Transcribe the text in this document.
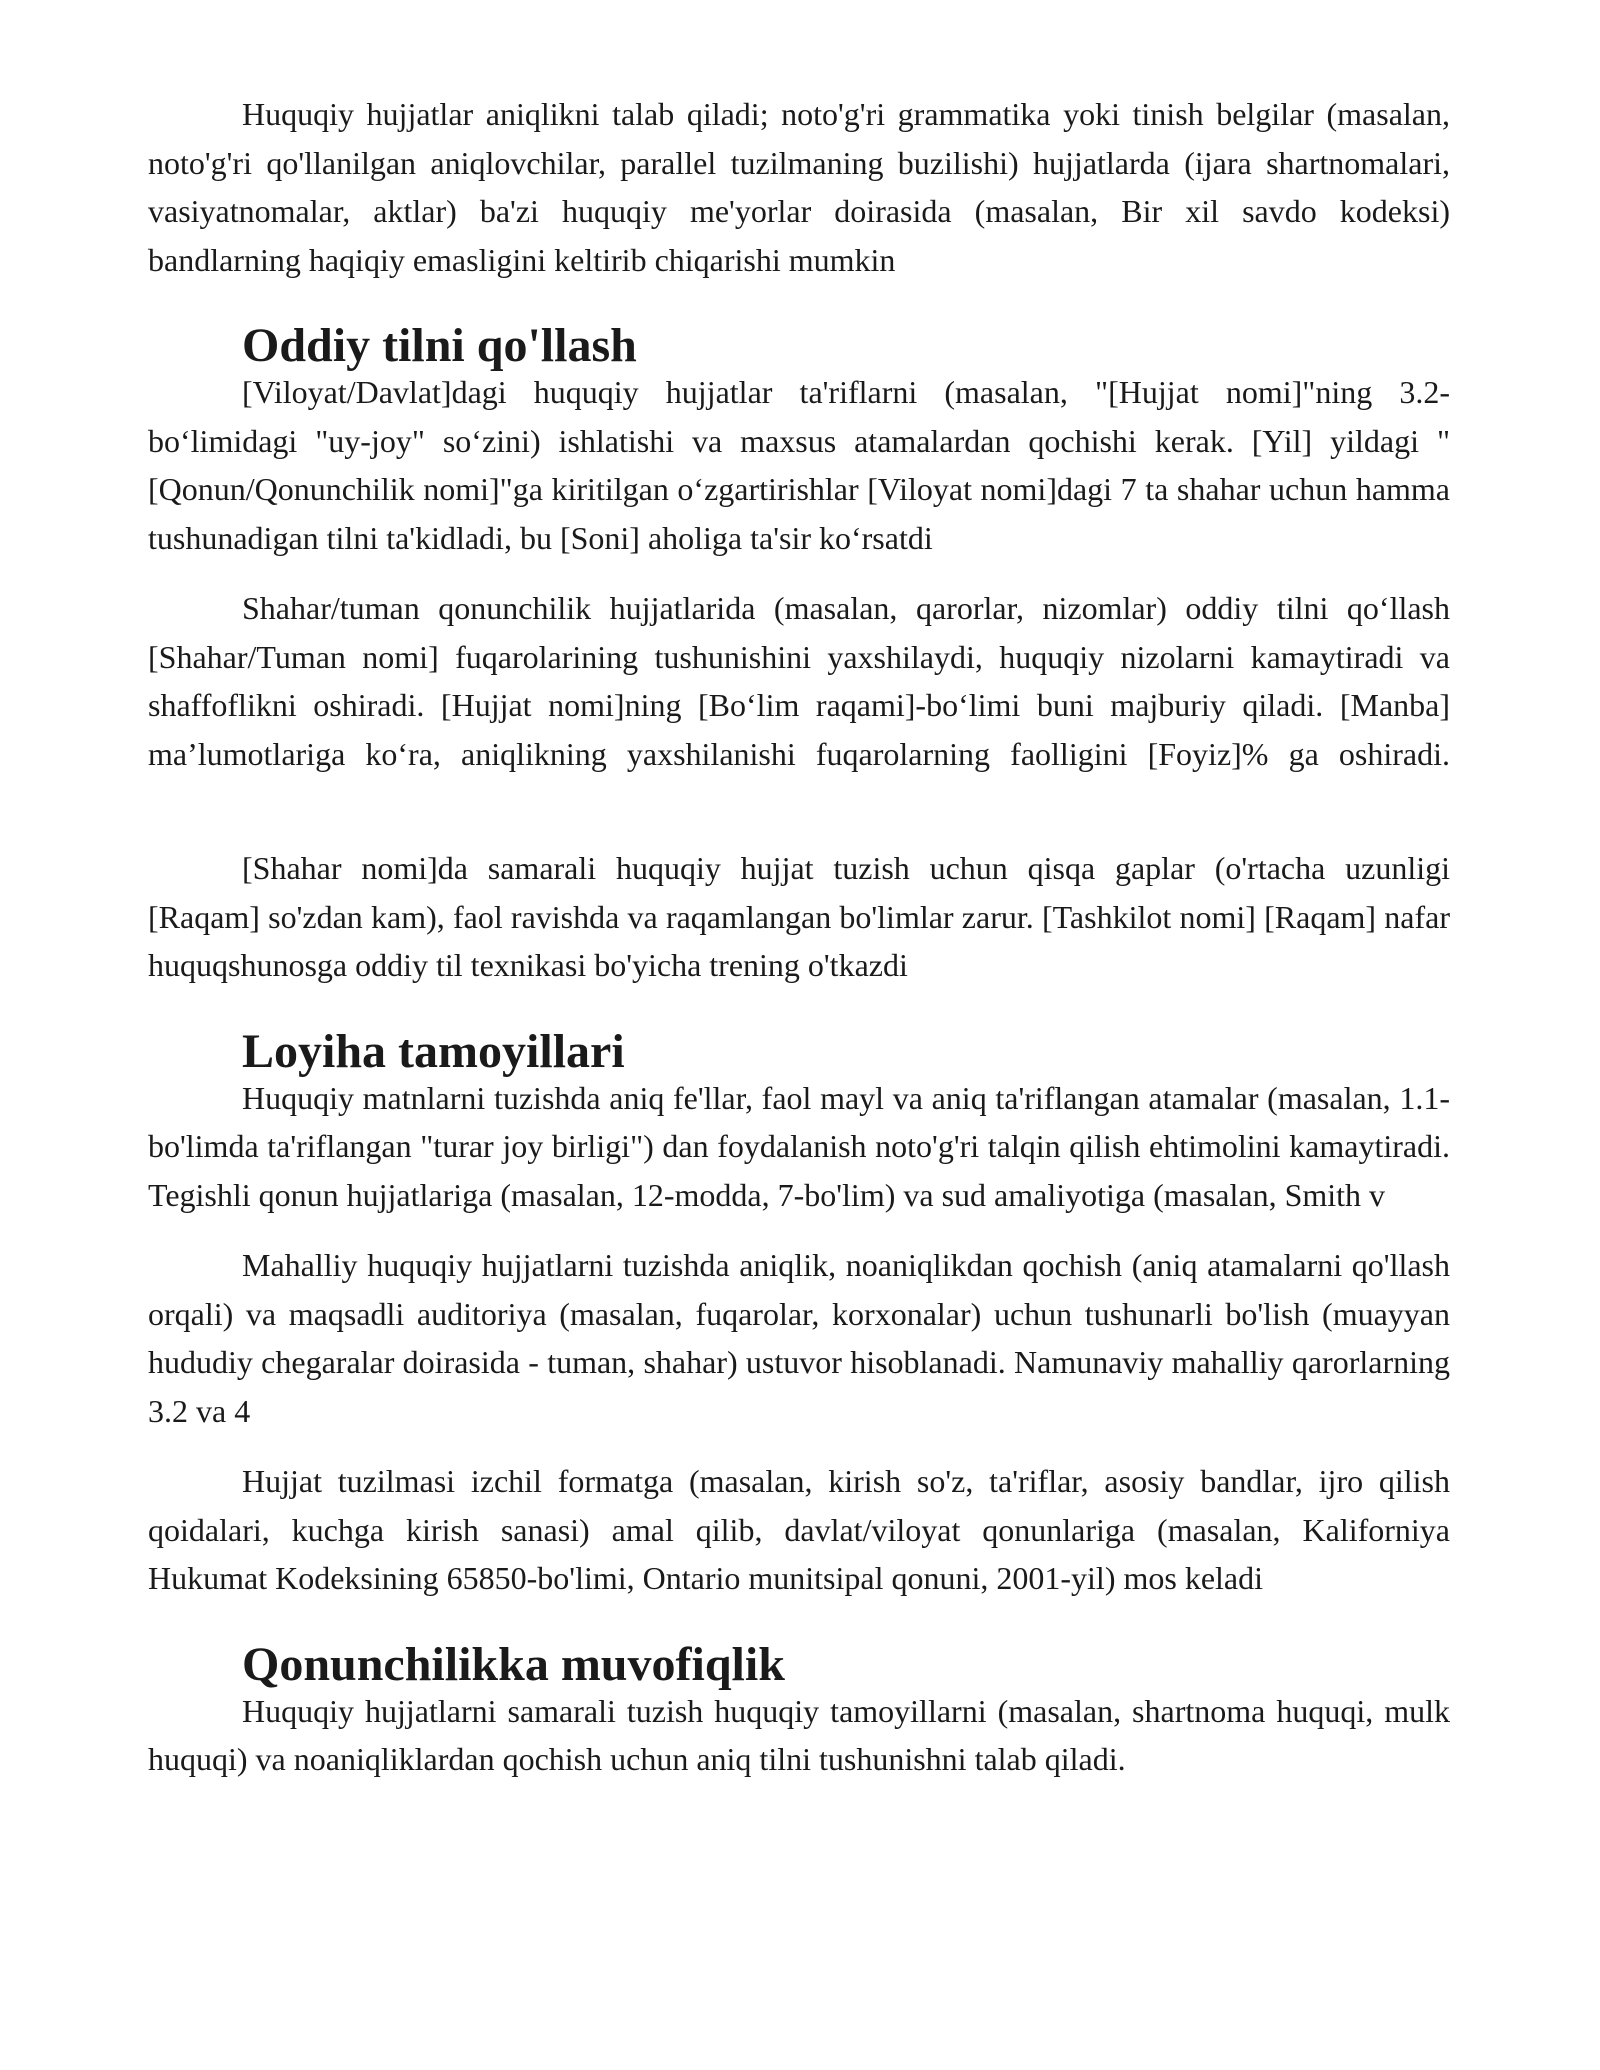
Huquqiy hujjatlar aniqlikni talab qiladi; noto'g'ri grammatika yoki tinish belgilar (masalan, noto'g'ri qo'llanilgan aniqlovchilar, parallel tuzilmaning buzilishi) hujjatlarda (ijara shartnomalari, vasiyatnomalar, aktlar) ba'zi huquqiy me'yorlar doirasida (masalan, Bir xil savdo kodeksi) bandlarning haqiqiy emasligini keltirib chiqarishi mumkin

Oddiy tilni qo'llash

[Viloyat/Davlat]dagi huquqiy hujjatlar ta'riflarni (masalan, "[Hujjat nomi]"ning 3.2-bo‘limidagi "uy-joy" so‘zini) ishlatishi va maxsus atamalardan qochishi kerak. [Yil] yildagi "[Qonun/Qonunchilik nomi]"ga kiritilgan o‘zgartirishlar [Viloyat nomi]dagi 7 ta shahar uchun hamma tushunadigan tilni ta'kidladi, bu [Soni] aholiga ta'sir ko‘rsatdi

Shahar/tuman qonunchilik hujjatlarida (masalan, qarorlar, nizomlar) oddiy tilni qo‘llash [Shahar/Tuman nomi] fuqarolarining tushunishini yaxshilaydi, huquqiy nizolarni kamaytiradi va shaffoflikni oshiradi. [Hujjat nomi]ning [Bo‘lim raqami]-bo‘limi buni majburiy qiladi. [Manba] ma’lumotlariga ko‘ra, aniqlikning yaxshilanishi fuqarolarning faolligini [Foyiz]% ga oshiradi.

[Shahar nomi]da samarali huquqiy hujjat tuzish uchun qisqa gaplar (o'rtacha uzunligi [Raqam] so'zdan kam), faol ravishda va raqamlangan bo'limlar zarur. [Tashkilot nomi] [Raqam] nafar huquqshunosga oddiy til texnikasi bo'yicha trening o'tkazdi

Loyiha tamoyillari

Huquqiy matnlarni tuzishda aniq fe'llar, faol mayl va aniq ta'riflangan atamalar (masalan, 1.1-bo'limda ta'riflangan "turar joy birligi") dan foydalanish noto'g'ri talqin qilish ehtimolini kamaytiradi. Tegishli qonun hujjatlariga (masalan, 12-modda, 7-bo'lim) va sud amaliyotiga (masalan, Smith v

Mahalliy huquqiy hujjatlarni tuzishda aniqlik, noaniqlikdan qochish (aniq atamalarni qo'llash orqali) va maqsadli auditoriya (masalan, fuqarolar, korxonalar) uchun tushunarli bo'lish (muayyan hududiy chegaralar doirasida - tuman, shahar) ustuvor hisoblanadi. Namunaviy mahalliy qarorlarning 3.2 va 4

Hujjat tuzilmasi izchil formatga (masalan, kirish so'z, ta'riflar, asosiy bandlar, ijro qilish qoidalari, kuchga kirish sanasi) amal qilib, davlat/viloyat qonunlariga (masalan, Kaliforniya Hukumat Kodeksining 65850-bo'limi, Ontario munitsipal qonuni, 2001-yil) mos keladi

Qonunchilikka muvofiqlik

Huquqiy hujjatlarni samarali tuzish huquqiy tamoyillarni (masalan, shartnoma huquqi, mulk huquqi) va noaniqliklardan qochish uchun aniq tilni tushunishni talab qiladi.
